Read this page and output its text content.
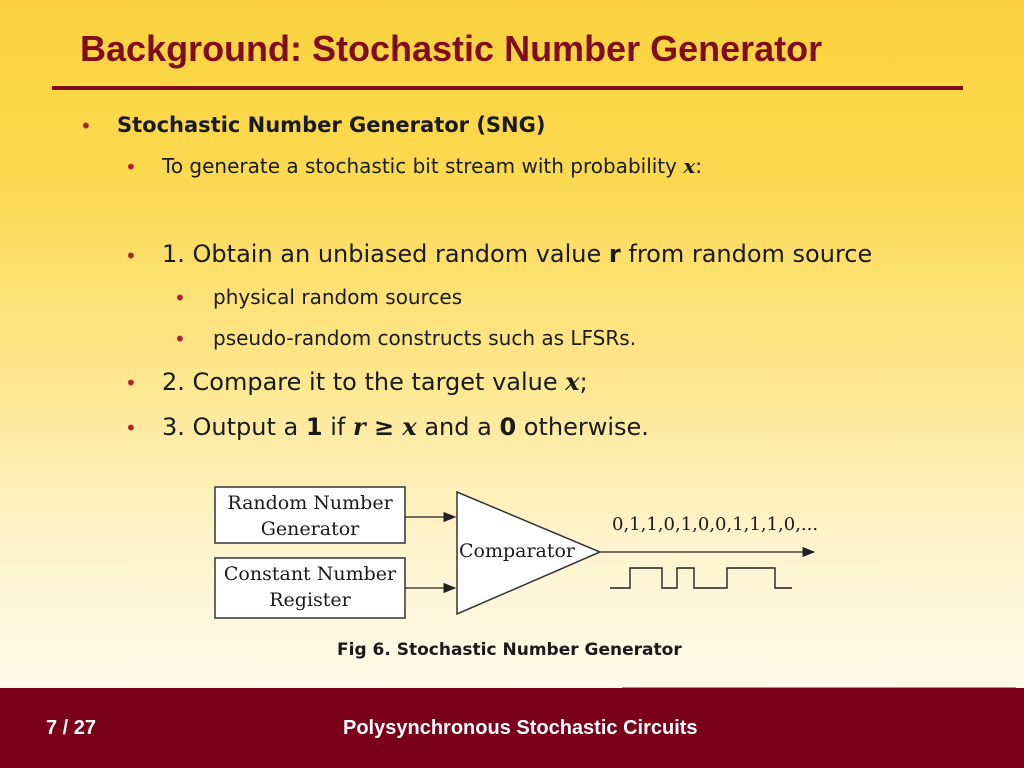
Background: Stochastic Number Generator
• Stochastic Number Generator (SNG)
• To generate a stochastic bit stream with probability x:
• 1. Obtain an unbiased random value r from random source
• physical random sources
• pseudo-random constructs such as LFSRs.
• 2. Compare it to the target value x;
• 3. Output a 1 if r ≥ x and a 0 otherwise.
Random Number
Generator
Constant Number
Register
Comparator
0,1,1,0,1,0,0,1,1,1,0,...
Fig 6. Stochastic Number Generator
7 / 27	Polysynchronous Stochastic Circuits
